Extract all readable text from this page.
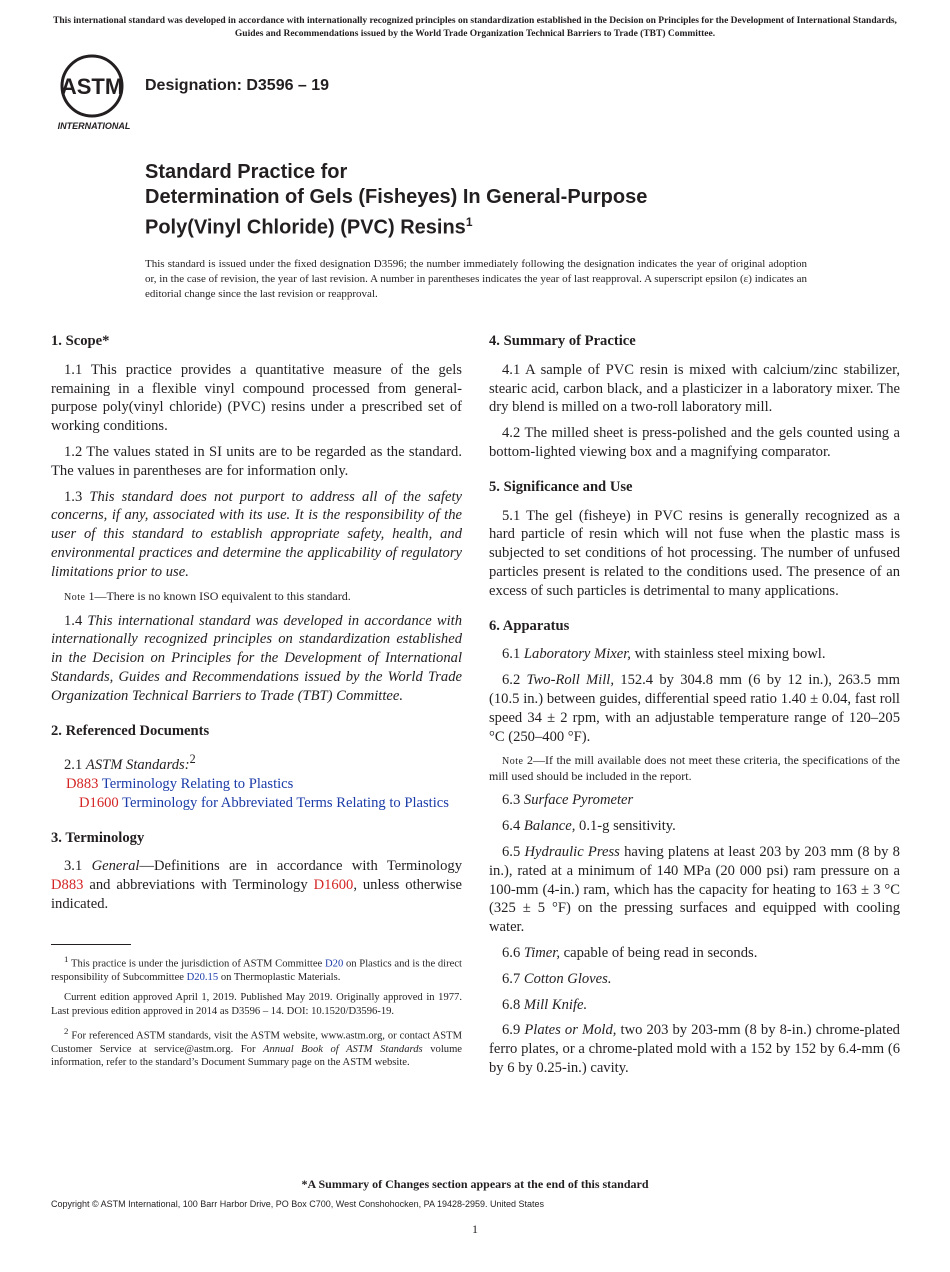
This international standard was developed in accordance with internationally recognized principles on standardization established in the Decision on Principles for the Development of International Standards, Guides and Recommendations issued by the World Trade Organization Technical Barriers to Trade (TBT) Committee.
ASTM
INTERNATIONAL
Designation: D3596 – 19
Standard Practice for
Determination of Gels (Fisheyes) In General-Purpose
Poly(Vinyl Chloride) (PVC) Resins$^1$
This standard is issued under the fixed designation D3596; the number immediately following the designation indicates the year of original adoption or, in the case of revision, the year of last revision. A number in parentheses indicates the year of last reapproval. A superscript epsilon (ε) indicates an editorial change since the last revision or reapproval.
1. Scope*

1.1 This practice provides a quantitative measure of the gels remaining in a flexible vinyl compound processed from general-purpose poly(vinyl chloride) (PVC) resins under a prescribed set of working conditions.

1.2 The values stated in SI units are to be regarded as the standard. The values in parentheses are for information only.

1.3 This standard does not purport to address all of the safety concerns, if any, associated with its use. It is the responsibility of the user of this standard to establish appropriate safety, health, and environmental practices and determine the applicability of regulatory limitations prior to use.

Note 1—There is no known ISO equivalent to this standard.

1.4 This international standard was developed in accordance with internationally recognized principles on standardization established in the Decision on Principles for the Development of International Standards, Guides and Recommendations issued by the World Trade Organization Technical Barriers to Trade (TBT) Committee.

2. Referenced Documents

2.1 ASTM Standards:$^2$

D883 Terminology Relating to Plastics
D1600 Terminology for Abbreviated Terms Relating to Plastics
3. Terminology

3.1 General—Definitions are in accordance with Terminology D883 and abbreviations with Terminology D1600, unless otherwise indicated.

$^1$ This practice is under the jurisdiction of ASTM Committee D20 on Plastics and is the direct responsibility of Subcommittee D20.15 on Thermoplastic Materials.

Current edition approved April 1, 2019. Published May 2019. Originally approved in 1977. Last previous edition approved in 2014 as D3596 – 14. DOI: 10.1520/D3596-19.

$^2$ For referenced ASTM standards, visit the ASTM website, www.astm.org, or contact ASTM Customer Service at service@astm.org. For Annual Book of ASTM Standards volume information, refer to the standard’s Document Summary page on the ASTM website.

4. Summary of Practice

4.1 A sample of PVC resin is mixed with calcium/zinc stabilizer, stearic acid, carbon black, and a plasticizer in a laboratory mixer. The dry blend is milled on a two-roll laboratory mill.

4.2 The milled sheet is press-polished and the gels counted using a bottom-lighted viewing box and a magnifying comparator.

5. Significance and Use

5.1 The gel (fisheye) in PVC resins is generally recognized as a hard particle of resin which will not fuse when the plastic mass is subjected to set conditions of hot processing. The number of unfused particles present is related to the conditions used. The presence of an excess of such particles is detrimental to many applications.

6. Apparatus

6.1 Laboratory Mixer, with stainless steel mixing bowl.

6.2 Two-Roll Mill, 152.4 by 304.8 mm (6 by 12 in.), 263.5 mm (10.5 in.) between guides, differential speed ratio 1.40 ± 0.04, fast roll speed 34 ± 2 rpm, with an adjustable temperature range of 120–205 °C (250–400 °F).

Note 2—If the mill available does not meet these criteria, the specifications of the mill used should be included in the report.

6.3 Surface Pyrometer

6.4 Balance, 0.1-g sensitivity.

6.5 Hydraulic Press having platens at least 203 by 203 mm (8 by 8 in.), rated at a minimum of 140 MPa (20 000 psi) ram pressure on a 100-mm (4-in.) ram, which has the capacity for heating to 163 ± 3 °C (325 ± 5 °F) on the pressing surfaces and equipped with cooling water.

6.6 Timer, capable of being read in seconds.

6.7 Cotton Gloves.

6.8 Mill Knife.

6.9 Plates or Mold, two 203 by 203-mm (8 by 8-in.) chrome-plated ferro plates, or a chrome-plated mold with a 152 by 152 by 6.4-mm (6 by 6 by 0.25-in.) cavity.

*A Summary of Changes section appears at the end of this standard
Copyright © ASTM International, 100 Barr Harbor Drive, PO Box C700, West Conshohocken, PA 19428-2959. United States
1
